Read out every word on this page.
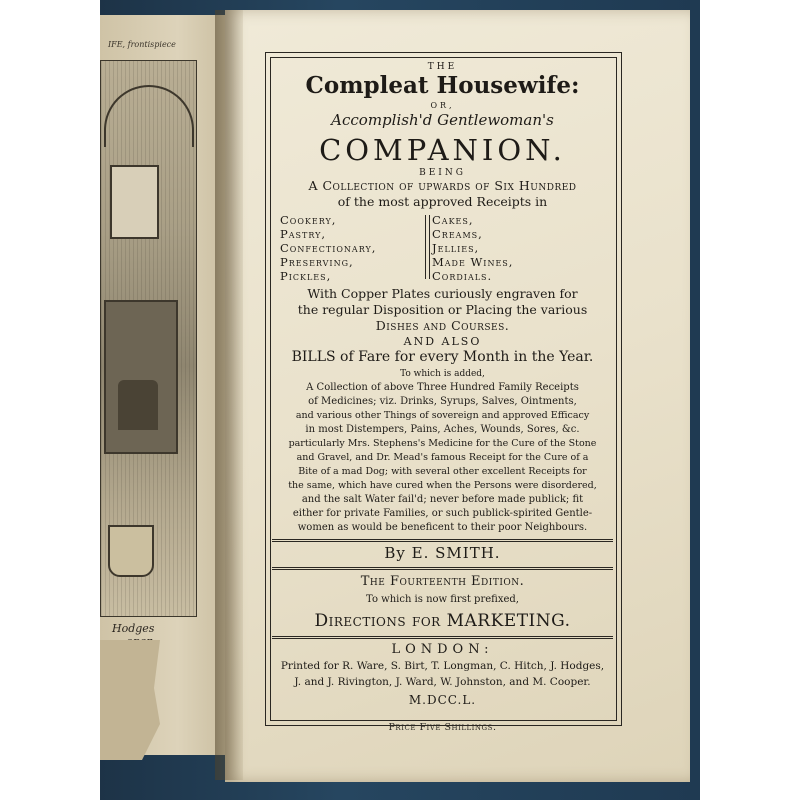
IFE, frontispiece
Hodges
THE
Compleat Housewife:
OR,
Accomplish'd Gentlewoman's
COMPANION.
BEING
A Collection of upwards of Six Hundred
of the most approved Receipts in
Cookery,
Pastry,
Confectionary,
Preserving,
Pickles,
Cakes,
Creams,
Jellies,
Made Wines,
Cordials.
With Copper Plates curiously engraven for
the regular Disposition or Placing the various
Dishes and Courses.
AND ALSO
BILLS of Fare for every Month in the Year.
To which is added,
A Collection of above Three Hundred Family Receipts
of Medicines; viz. Drinks, Syrups, Salves, Ointments,
and various other Things of sovereign and approved Efficacy
in most Distempers, Pains, Aches, Wounds, Sores, &c.
particularly Mrs. Stephens's Medicine for the Cure of the Stone
and Gravel, and Dr. Mead's famous Receipt for the Cure of a
Bite of a mad Dog; with several other excellent Receipts for
the same, which have cured when the Persons were disordered,
and the salt Water fail'd; never before made publick; fit
either for private Families, or such publick-spirited Gentle-
women as would be beneficent to their poor Neighbours.
By E. SMITH.
The Fourteenth Edition.
To which is now first prefixed,
Directions for MARKETING.
LONDON:
Printed for R. Ware, S. Birt, T. Longman, C. Hitch, J. Hodges,
J. and J. Rivington, J. Ward, W. Johnston, and M. Cooper.
M.DCC.L.
Price Five Shillings.
